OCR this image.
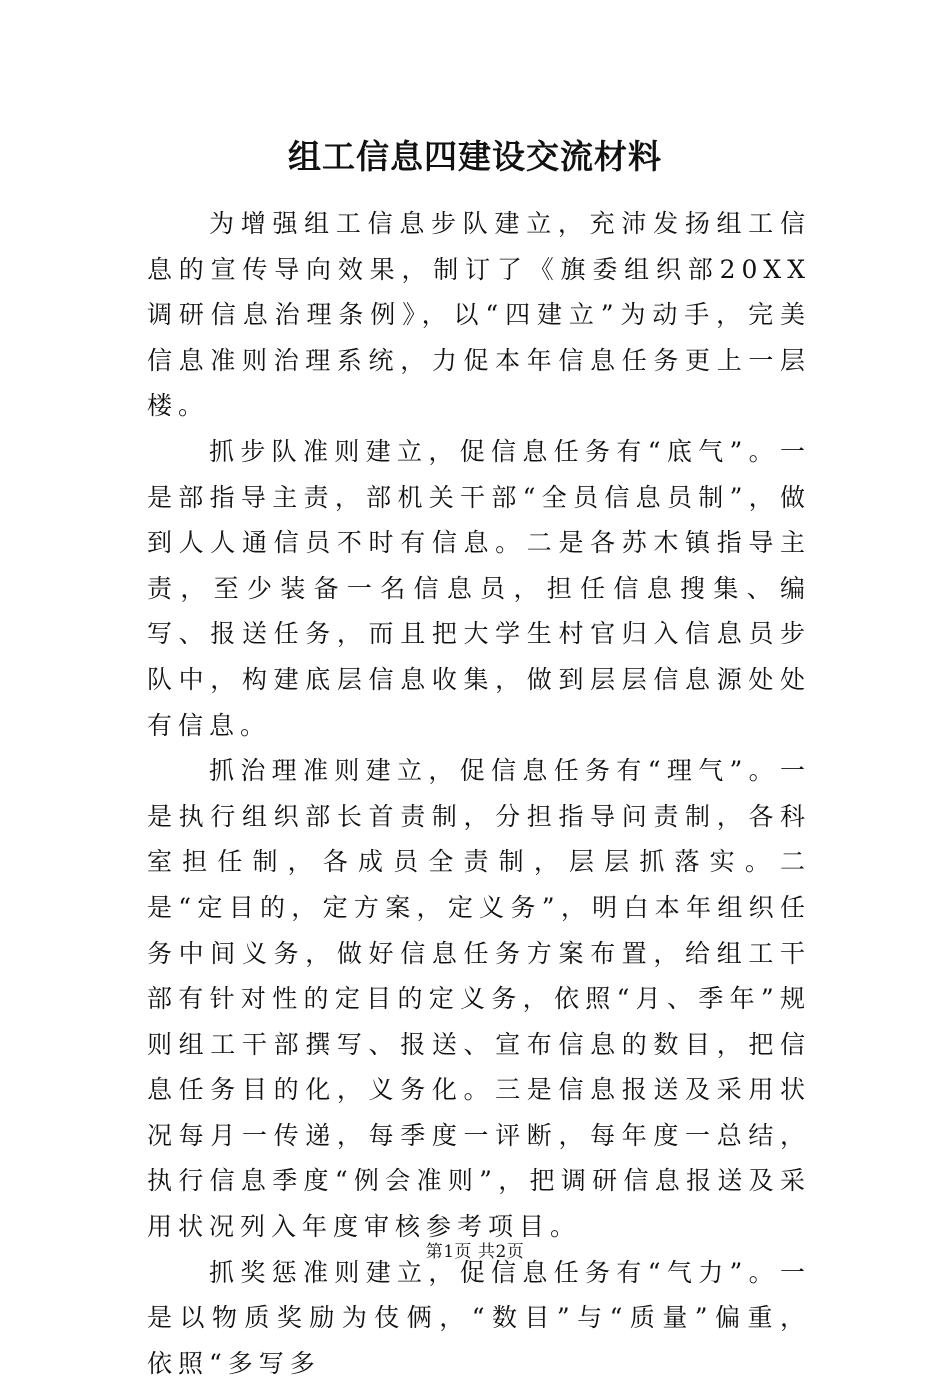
组工信息四建设交流材料

为增强组工信息步队建立，充沛发扬组工信息的宣传导向效果，制订了《旗委组织部20XX调研信息治理条例》，以“四建立”为动手，完美信息准则治理系统，力促本年信息任务更上一层楼。

抓步队准则建立，促信息任务有“底气”。一是部指导主责，部机关干部“全员信息员制”，做到人人通信员不时有信息。二是各苏木镇指导主责，至少装备一名信息员，担任信息搜集、编写、报送任务，而且把大学生村官归入信息员步队中，构建底层信息收集，做到层层信息源处处有信息。

抓治理准则建立，促信息任务有“理气”。一是执行组织部长首责制，分担指导问责制，各科室担任制，各成员全责制，层层抓落实。二是“定目的，定方案，定义务”，明白本年组织任务中间义务，做好信息任务方案布置，给组工干部有针对性的定目的定义务，依照“月、季年”规则组工干部撰写、报送、宣布信息的数目，把信息任务目的化，义务化。三是信息报送及采用状况每月一传递，每季度一评断，每年度一总结，执行信息季度“例会准则”，把调研信息报送及采用状况列入年度审核参考项目。

抓奖惩准则建立，促信息任务有“气力”。一是以物质奖励为伎俩，“数目”与“质量”偏重，依照“多写多

第1页 共2页
